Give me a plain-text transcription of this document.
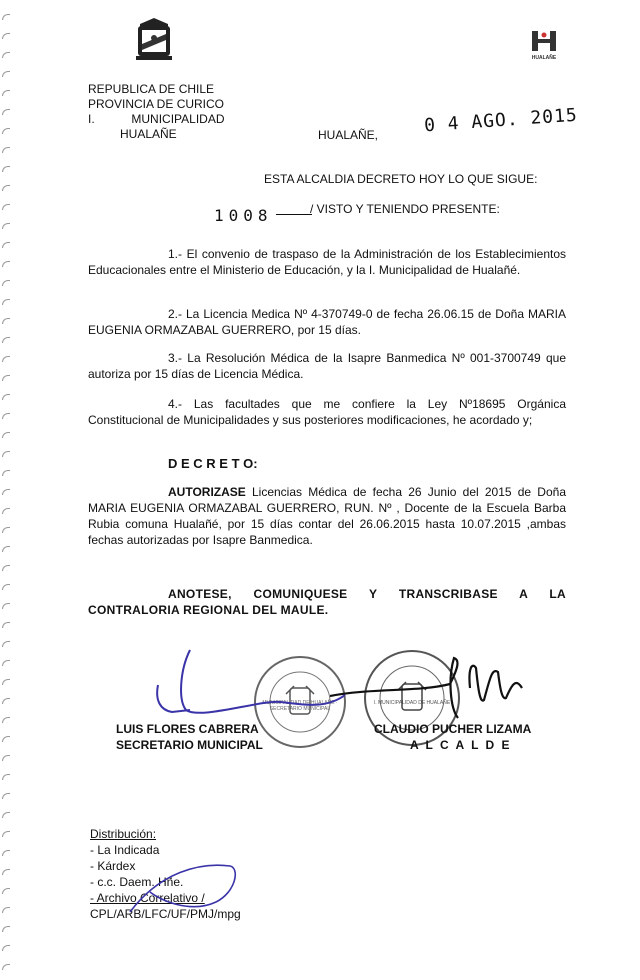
HUALAÑE
REPUBLICA DE CHILE
PROVINCIA DE CURICO
I.	MUNICIPALIDAD
HUALAÑE	HUALAÑE,	0 4 AGO. 2015
ESTA ALCALDIA DECRETO HOY LO QUE SIGUE:
1008	/ VISTO Y TENIENDO PRESENTE:
1.- El convenio de traspaso de la Administración de los Establecimientos Educacionales entre el Ministerio de Educación, y la I. Municipalidad de Hualañé.
2.- La Licencia Medica Nº 4-370749-0 de fecha 26.06.15 de Doña MARIA EUGENIA ORMAZABAL GUERRERO, por 15 días.
3.- La Resolución Médica de la Isapre Banmedica Nº 001-3700749 que autoriza por 15 días de Licencia Médica.
4.- Las facultades que me confiere la Ley Nº18695 Orgánica Constitucional de Municipalidades y sus posteriores modificaciones, he acordado y;
D E C R E T O:
AUTORIZASE Licencias Médica de fecha 26 Junio del 2015 de Doña MARIA EUGENIA ORMAZABAL GUERRERO, RUN. Nº , Docente de la Escuela Barba Rubia comuna Hualañé, por 15 días contar del 26.06.2015 hasta 10.07.2015 ,ambas fechas autorizadas por Isapre Banmedica.
ANOTESE, COMUNIQUESE Y TRANSCRIBASE A LA CONTRALORIA REGIONAL DEL MAULE.
MUNICIPALIDAD DE HUALAÑE · SECRETARIO MUNICIPAL
I. MUNICIPALIDAD DE HUALAÑE
LUIS FLORES CABRERA
SECRETARIO MUNICIPAL
CLAUDIO PUCHER LIZAMA
A L C A L D E
Distribución:
- La Indicada
- Kárdex
- c.c. Daem. Hñe.
- Archivo Correlativo /
CPL/ARB/LFC/UF/PMJ/mpg
